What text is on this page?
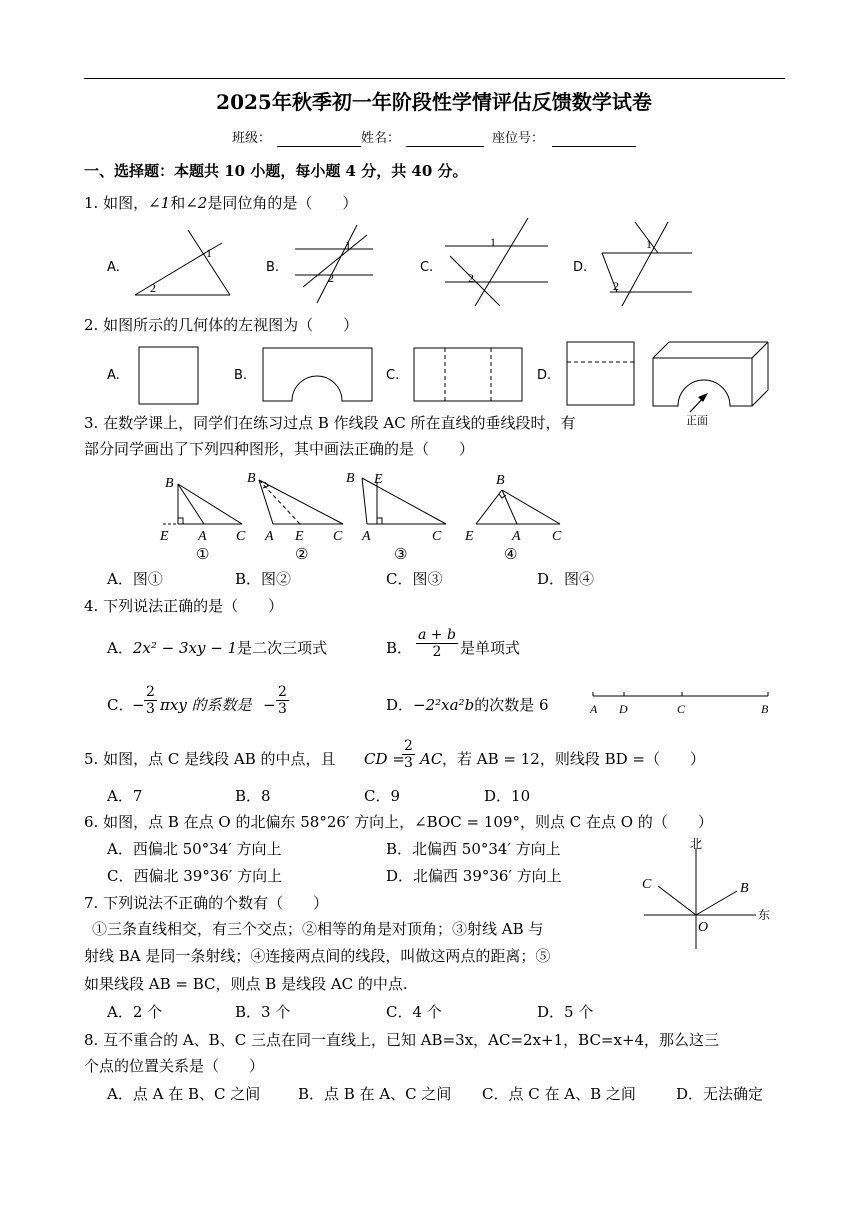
2025年秋季初一年阶段性学情评估反馈数学试卷
班级：	姓名：	座位号：
一、选择题：本题共 10 小题，每小题 4 分，共 40 分。
1. 如图，∠1和∠2是同位角的是（　　）
A.	B.	C.	D.
2
1
1
2
1
2
1
2
2. 如图所示的几何体的左视图为（　　）
A.	B.	C.	D.
正面
3. 在数学课上，同学们在练习过点 B 作线段 AC 所在直线的垂线段时，有
部分同学画出了下列四种图形，其中画法正确的是（　　）
B
E A C
①
B
A E C
②
B E
A	C
③
B
E	A C
④
A．图①	B．图②	C．图③	D．图④
4. 下列说法正确的是（　　）
A．2x² − 3xy − 1是二次三项式	B． $\frac{a + b}{2}$ 是单项式
C．
− $\frac{2}{3}$ πxy 的系数是 − $\frac{2}{3}$	D．−2²xa²b的次数是 6	A D	C	B
5. 如图，点 C 是线段 AB 的中点，且 CD =
$\frac{2}{3}$ AC ，若 AB = 12，则线段 BD =（　　）
A．7	B．8	C．9	D．10
6. 如图，点 B 在点 O 的北偏东 58°26′ 方向上，∠BOC = 109°，则点 C 在点 O 的（　　）
A．西偏北 50°34′ 方向上	B．北偏西 50°34′ 方向上
C．西偏北 39°36′ 方向上	D．北偏西 39°36′ 方向上
北
东
C	B
O
7. 下列说法不正确的个数有（　　）
①三条直线相交，有三个交点；②相等的角是对顶角；③射线 AB 与
射线 BA 是同一条射线；④连接两点间的线段，叫做这两点的距离；⑤
如果线段 AB = BC，则点 B 是线段 AC 的中点.
A．2 个	B．3 个	C．4 个	D．5 个
8. 互不重合的 A、B、C 三点在同一直线上，已知 AB=3x，AC=2x+1，BC=x+4，那么这三
个点的位置关系是（　　）
A．点 A 在 B、C 之间	B．点 B 在 A、C 之间 C．点 C 在 A、B 之间	D．无法确定
